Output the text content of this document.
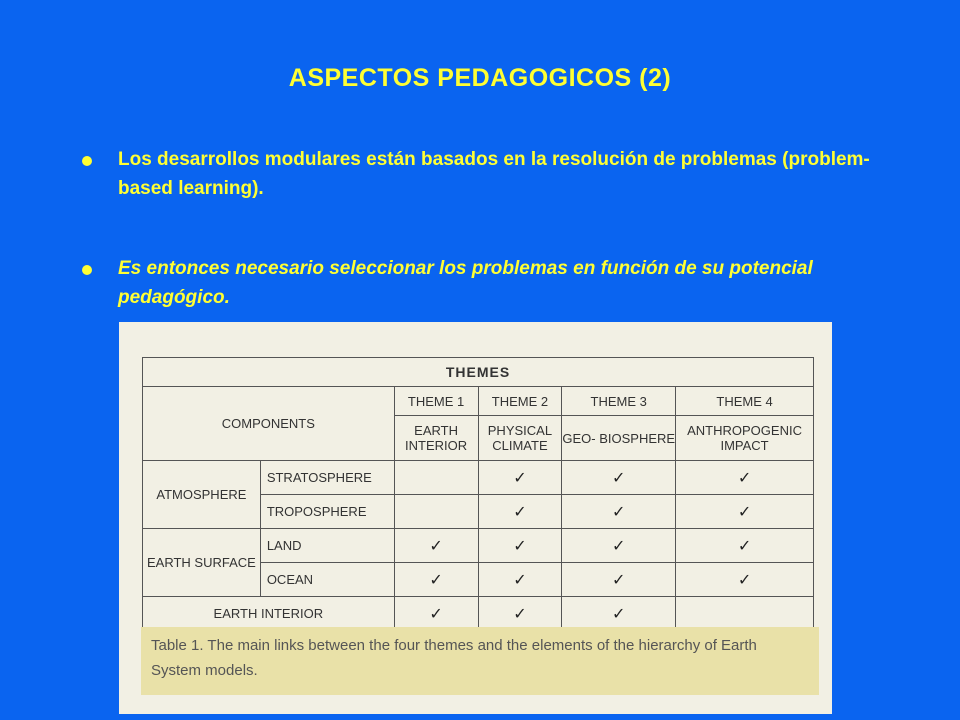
ASPECTOS PEDAGOGICOS (2)
Los desarrollos modulares están basados en la resolución de problemas (problem-based learning).
Es entonces necesario seleccionar los problemas en función de su potencial pedagógico.
THEMES					
COMPONENTS		THEME 1	THEME 2	THEME 3	THEME 4
		EARTH INTERIOR	PHYSICAL CLIMATE	GEO- BIOSPHERE	ANTHROPOGENIC IMPACT
ATMOSPHERE	STRATOSPHERE		✓	✓	✓
	TROPOSPHERE		✓	✓	✓
EARTH SURFACE	LAND	✓	✓	✓	✓
	OCEAN	✓	✓	✓	✓
EARTH INTERIOR		✓	✓	✓	
Table 1. The main links between the four themes and the elements of the hierarchy of Earth System models.
